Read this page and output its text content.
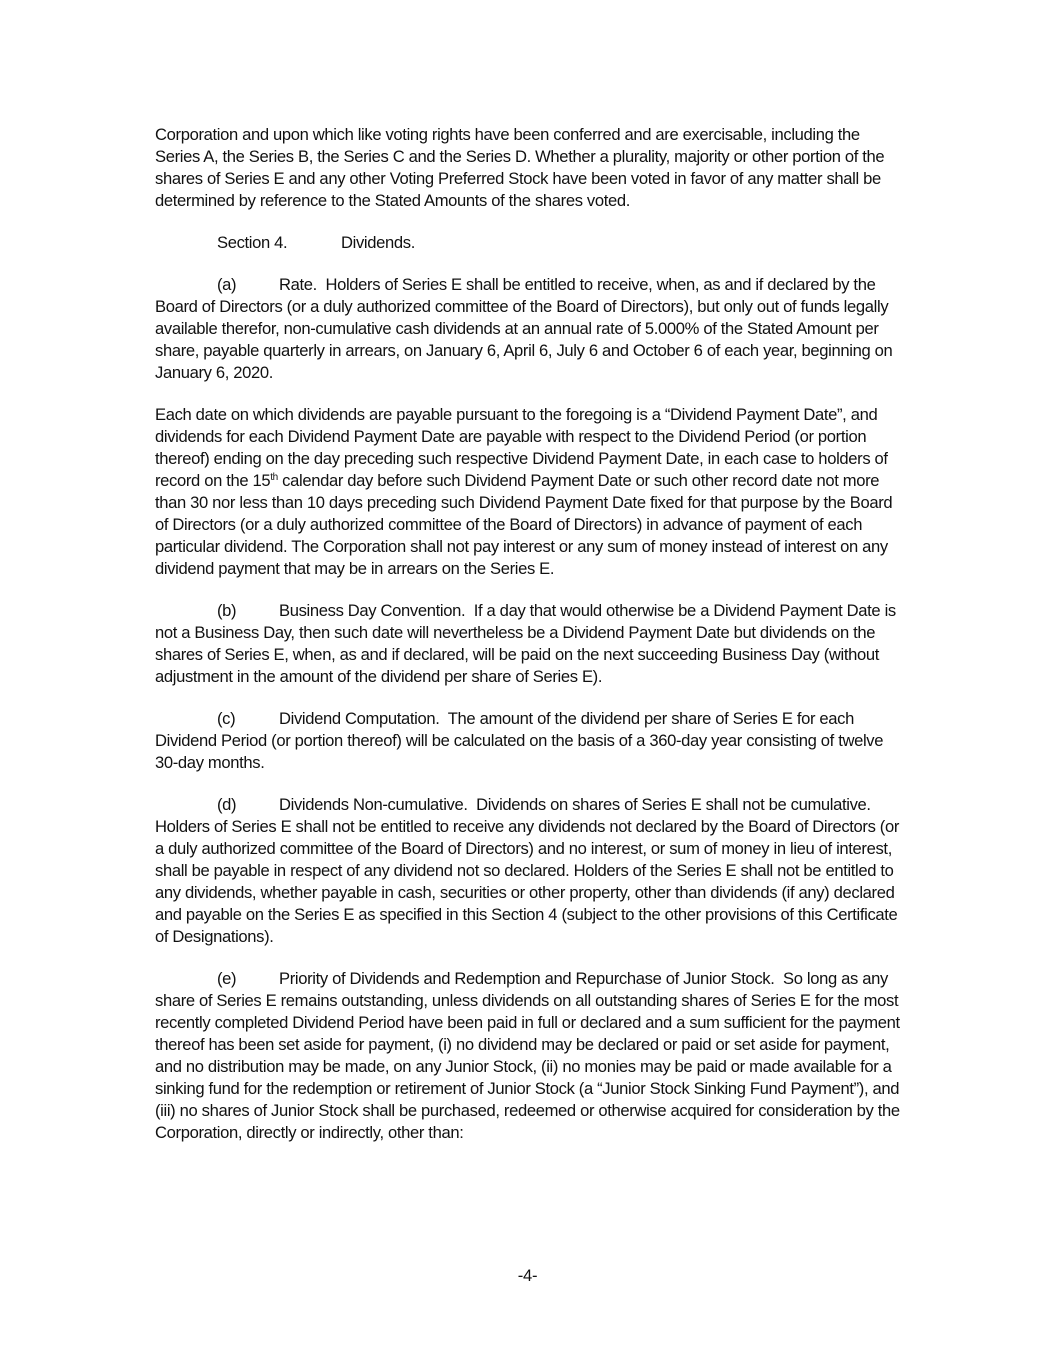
Corporation and upon which like voting rights have been conferred and are exercisable, including the Series A, the Series B, the Series C and the Series D. Whether a plurality, majority or other portion of the shares of Series E and any other Voting Preferred Stock have been voted in favor of any matter shall be determined by reference to the Stated Amounts of the shares voted.

Section 4.	Dividends.

(a)	Rate. Holders of Series E shall be entitled to receive, when, as and if declared by the Board of Directors (or a duly authorized committee of the Board of Directors), but only out of funds legally available therefor, non-cumulative cash dividends at an annual rate of 5.000% of the Stated Amount per share, payable quarterly in arrears, on January 6, April 6, July 6 and October 6 of each year, beginning on January 6, 2020.

Each date on which dividends are payable pursuant to the foregoing is a “Dividend Payment Date”, and dividends for each Dividend Payment Date are payable with respect to the Dividend Period (or portion thereof) ending on the day preceding such respective Dividend Payment Date, in each case to holders of record on the 15th calendar day before such Dividend Payment Date or such other record date not more than 30 nor less than 10 days preceding such Dividend Payment Date fixed for that purpose by the Board of Directors (or a duly authorized committee of the Board of Directors) in advance of payment of each particular dividend. The Corporation shall not pay interest or any sum of money instead of interest on any dividend payment that may be in arrears on the Series E.

(b)	Business Day Convention. If a day that would otherwise be a Dividend Payment Date is not a Business Day, then such date will nevertheless be a Dividend Payment Date but dividends on the shares of Series E, when, as and if declared, will be paid on the next succeeding Business Day (without adjustment in the amount of the dividend per share of Series E).

(c)	Dividend Computation. The amount of the dividend per share of Series E for each Dividend Period (or portion thereof) will be calculated on the basis of a 360-day year consisting of twelve 30-day months.

(d)	Dividends Non-cumulative. Dividends on shares of Series E shall not be cumulative. Holders of Series E shall not be entitled to receive any dividends not declared by the Board of Directors (or a duly authorized committee of the Board of Directors) and no interest, or sum of money in lieu of interest, shall be payable in respect of any dividend not so declared. Holders of the Series E shall not be entitled to any dividends, whether payable in cash, securities or other property, other than dividends (if any) declared and payable on the Series E as specified in this Section 4 (subject to the other provisions of this Certificate of Designations).

(e)	Priority of Dividends and Redemption and Repurchase of Junior Stock. So long as any share of Series E remains outstanding, unless dividends on all outstanding shares of Series E for the most recently completed Dividend Period have been paid in full or declared and a sum sufficient for the payment thereof has been set aside for payment, (i) no dividend may be declared or paid or set aside for payment, and no distribution may be made, on any Junior Stock, (ii) no monies may be paid or made available for a sinking fund for the redemption or retirement of Junior Stock (a “Junior Stock Sinking Fund Payment”), and (iii) no shares of Junior Stock shall be purchased, redeemed or otherwise acquired for consideration by the Corporation, directly or indirectly, other than:

-4-
